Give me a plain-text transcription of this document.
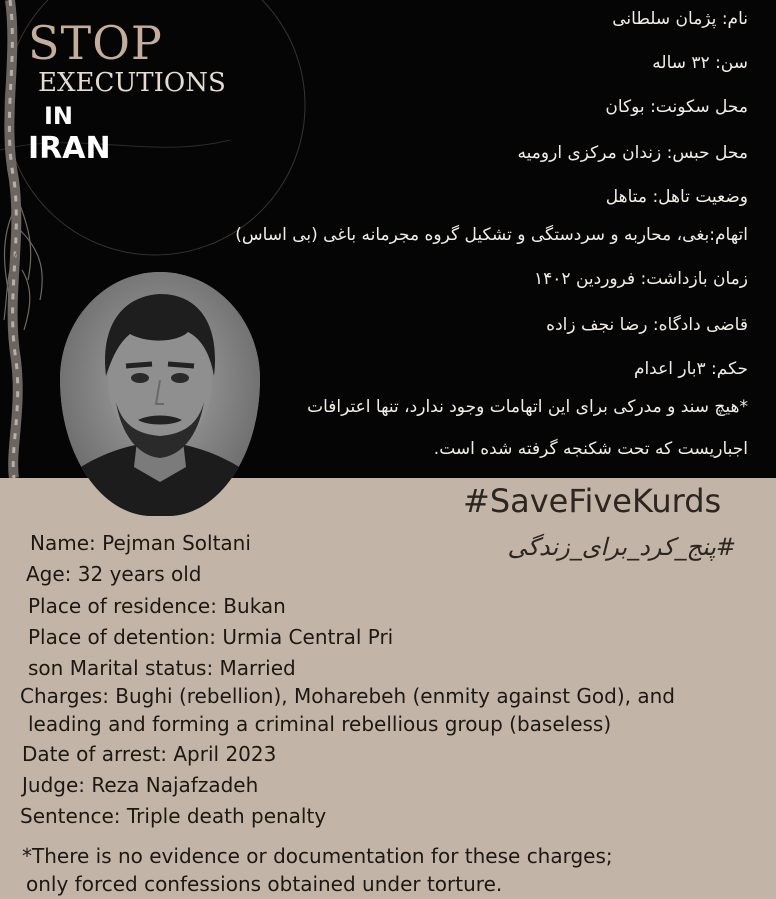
STOP
EXECUTIONS
IN
IRAN
نام: پژمان سلطانی
سن: ۳۲ ساله
محل سکونت: بوکان
محل حبس: زندان مرکزی ارومیه
وضعیت تاهل: متاهل
اتهام:بغی، محاربه و سردستگی و تشکیل گروه مجرمانه باغی (بی اساس)
زمان بازداشت: فروردین ۱۴۰۲
قاضی دادگاه: رضا نجف زاده
حکم: ۳بار اعدام
*هیچ سند و مدرکی برای این اتهامات وجود ندارد، تنها اعترافات
اجباریست که تحت شکنجه گرفته شده است.
#SaveFiveKurds
#پنج_کرد_برای_زندگی
Name: Pejman Soltani
Age: 32 years old
Place of residence: Bukan
Place of detention: Urmia Central Pri
son Marital status: Married
Charges: Bughi (rebellion), Moharebeh (enmity against God), and
leading and forming a criminal rebellious group (baseless)
Date of arrest: April 2023
Judge: Reza Najafzadeh
Sentence: Triple death penalty
*There is no evidence or documentation for these charges;
only forced confessions obtained under torture.
